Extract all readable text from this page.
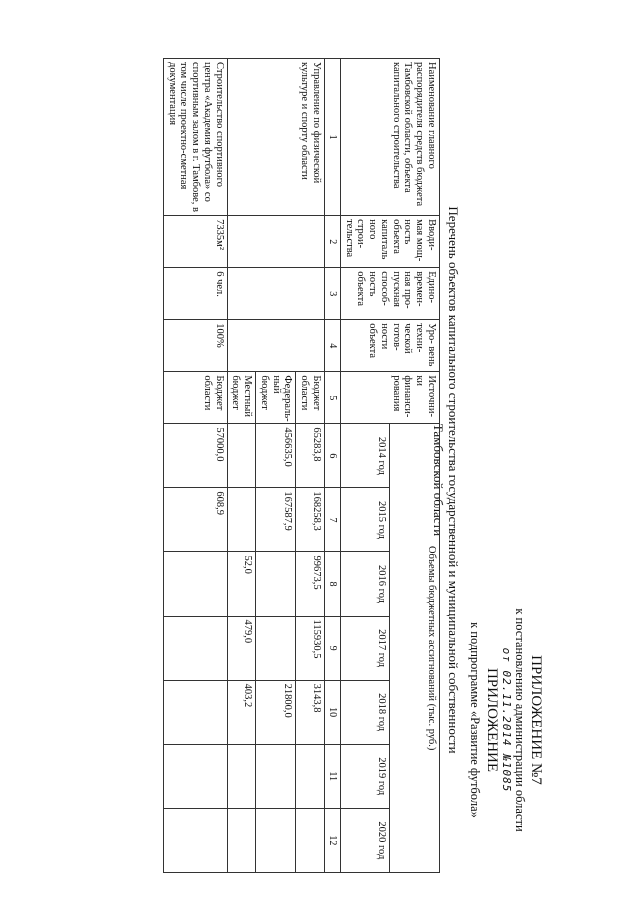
ПРИЛОЖЕНИЕ №7
к постановлению администрации области
от 02.11.2014 №1085
ПРИЛОЖЕНИЕ
к подпрограмме «Развитие футбола»
Перечень объектов капитального строительства государственной и муниципальной собственности
Тамбовской области
Наименование главного распорядителя средств бюджета Тамбовской области, объекта капитального строительства	Вводи- мая мощ- ность объекта капиталь ного строи- тельства	Едино- времен- ная про- пускная способ- ность объекта	Уро- вень техни- ческой готов- ности объекта	Источни- ки финанси- рования	Объемы бюджетных ассигнований (тыс. руб.)						
					2014 год	2015 год	2016 год	2017 год	2018 год	2019 год	2020 год
1	2	3	4	5	6	7	8	9	10	11	12
Управление по физической культуре и спорту области				Бюджет области	65283,8	168258,3	99673,5	115930,5	3143,8		
				Федераль- ный бюджет	456635,0	167587,9			21800,0		
				Местный бюджет			52,0	479,0	403,2		
Строительство спортивного центра «Академия футбола» со спортивным залом в г. Тамбове, в том числе проектно-сметная документация	7335м²	6 чел.	100%	Бюджет области	57000,0	608,9					
